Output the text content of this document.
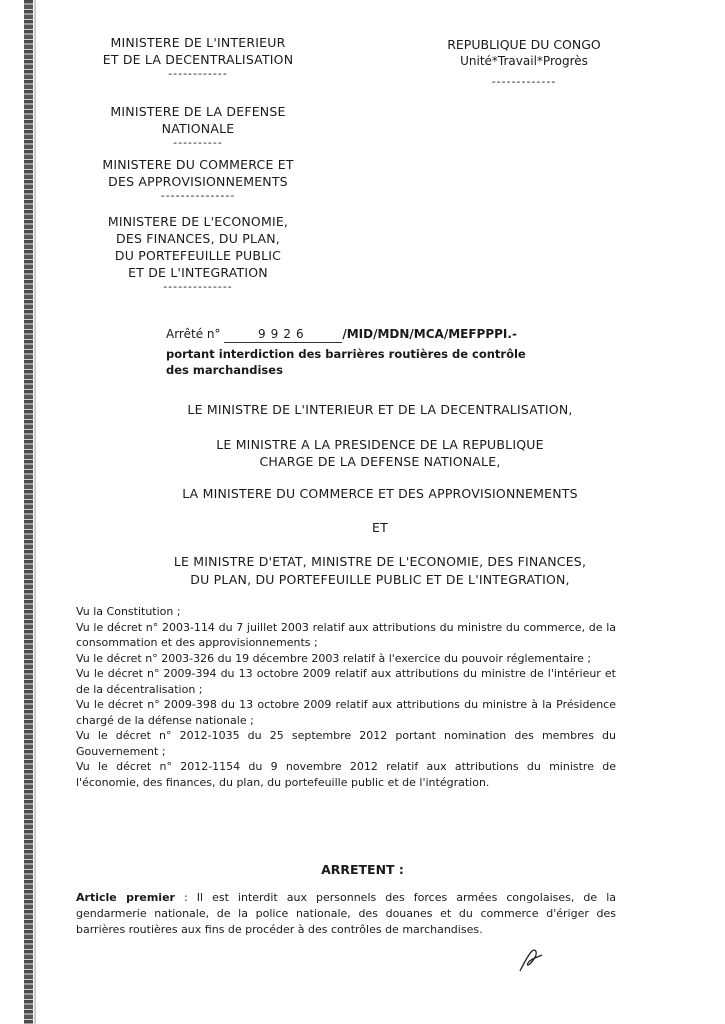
MINISTERE DE L'INTERIEUR
ET DE LA DECENTRALISATION
------------
MINISTERE DE LA DEFENSE
NATIONALE
----------
MINISTERE DU COMMERCE ET
DES APPROVISIONNEMENTS
---------------
MINISTERE DE L'ECONOMIE,
DES FINANCES, DU PLAN,
DU PORTEFEUILLE PUBLIC
ET DE L'INTEGRATION
--------------
REPUBLIQUE DU CONGO
Unité*Travail*Progrès
-------------
Arrêté n°	9926	/MID/MDN/MCA/MEFPPPI.-
portant interdiction des barrières routières de contrôle
des marchandises
LE MINISTRE DE L'INTERIEUR ET DE LA DECENTRALISATION,
LE MINISTRE A LA PRESIDENCE DE LA REPUBLIQUE
CHARGE DE LA DEFENSE NATIONALE,
LA MINISTERE DU COMMERCE ET DES APPROVISIONNEMENTS
ET
LE MINISTRE D'ETAT, MINISTRE DE L'ECONOMIE, DES FINANCES,
DU PLAN, DU PORTEFEUILLE PUBLIC ET DE L'INTEGRATION,

Vu la Constitution ;

Vu le décret n° 2003-114 du 7 juillet 2003 relatif aux attributions du ministre du commerce, de la consommation et des approvisionnements ;

Vu le décret n° 2003-326 du 19 décembre 2003 relatif à l'exercice du pouvoir réglementaire ;

Vu le décret n° 2009-394 du 13 octobre 2009 relatif aux attributions du ministre de l'intérieur et de la décentralisation ;

Vu le décret n° 2009-398 du 13 octobre 2009 relatif aux attributions du ministre à la Présidence chargé de la défense nationale ;

Vu le décret n° 2012-1035 du 25 septembre 2012 portant nomination des membres du Gouvernement ;

Vu le décret n° 2012-1154 du 9 novembre 2012 relatif aux attributions du ministre de l'économie, des finances, du plan, du portefeuille public et de l'intégration.

ARRETENT :
Article premier : Il est interdit aux personnels des forces armées congolaises, de la gendarmerie nationale, de la police nationale, des douanes et du commerce d'ériger des barrières routières aux fins de procéder à des contrôles de marchandises.
